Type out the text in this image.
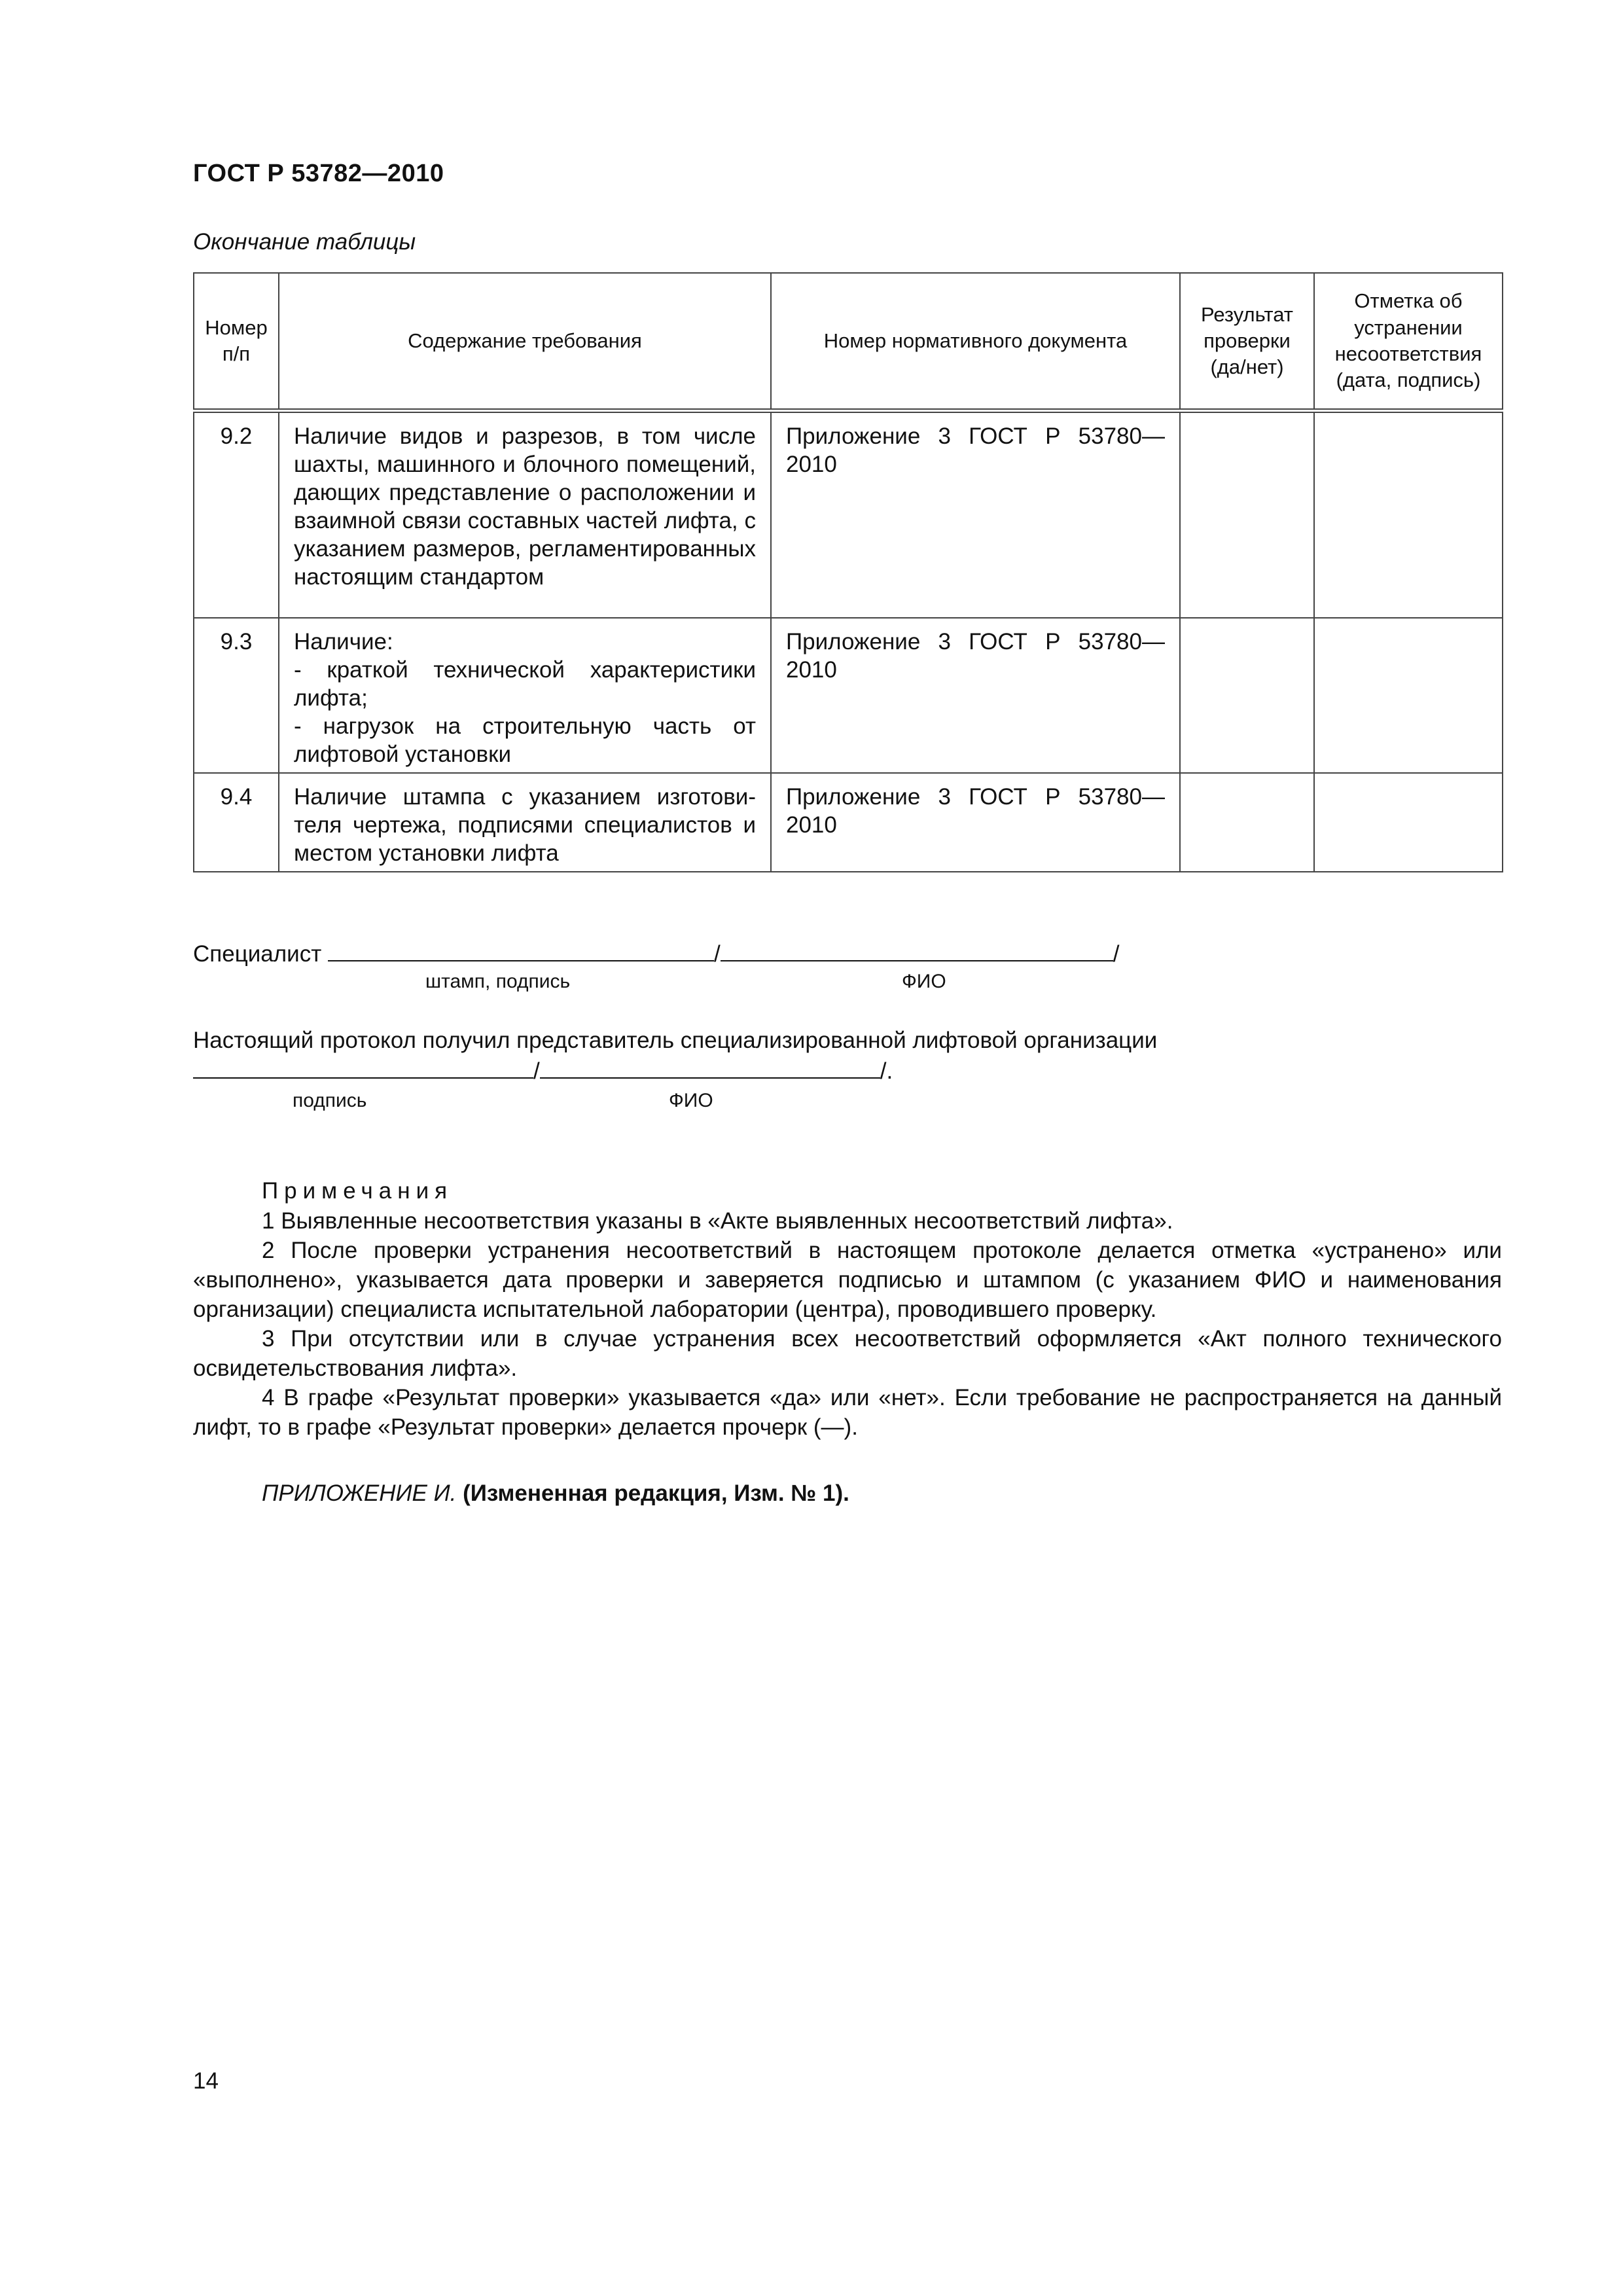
ГОСТ Р 53782—2010
Окончание таблицы
Номер п/п	Содержание требования	Номер нормативного документа	Результат проверки (да/нет)	Отметка об устранении несоответствия (дата, подпись)
9.2	Наличие видов и разрезов, в том числе шахты, машинного и блочного помещений, дающих представление о расположении и взаимной связи составных частей лифта, с указанием размеров, регламентированных настоящим стандартом	Приложение 3 ГОСТ Р 53780—2010		
9.3	Наличие:
- краткой технической характеристики лифта;
- нагрузок на строительную часть от лифтовой установки	Приложение 3 ГОСТ Р 53780—2010		
9.4	Наличие штампа с указанием изготовителя чертежа, подписями специалистов и местом установки лифта	Приложение 3 ГОСТ Р 53780—2010		
Специалист	/	/
штамп, подпись	ФИО
Настоящий протокол получил представитель специализированной лифтовой организации
/	/.
подпись	ФИО
Примечания

1 Выявленные несоответствия указаны в «Акте выявленных несоответствий лифта».

2 После проверки устранения несоответствий в настоящем протоколе делается отметка «устранено» или «выполнено», указывается дата проверки и заверяется подписью и штампом (с указанием ФИО и наименования организации) специалиста испытательной лаборатории (центра), проводившего проверку.

3 При отсутствии или в случае устранения всех несоответствий оформляется «Акт полного технического освидетельствования лифта».

4 В графе «Результат проверки» указывается «да» или «нет». Если требование не распространяется на данный лифт, то в графе «Результат проверки» делается прочерк (—).

ПРИЛОЖЕНИЕ И. (Измененная редакция, Изм. № 1).
14
